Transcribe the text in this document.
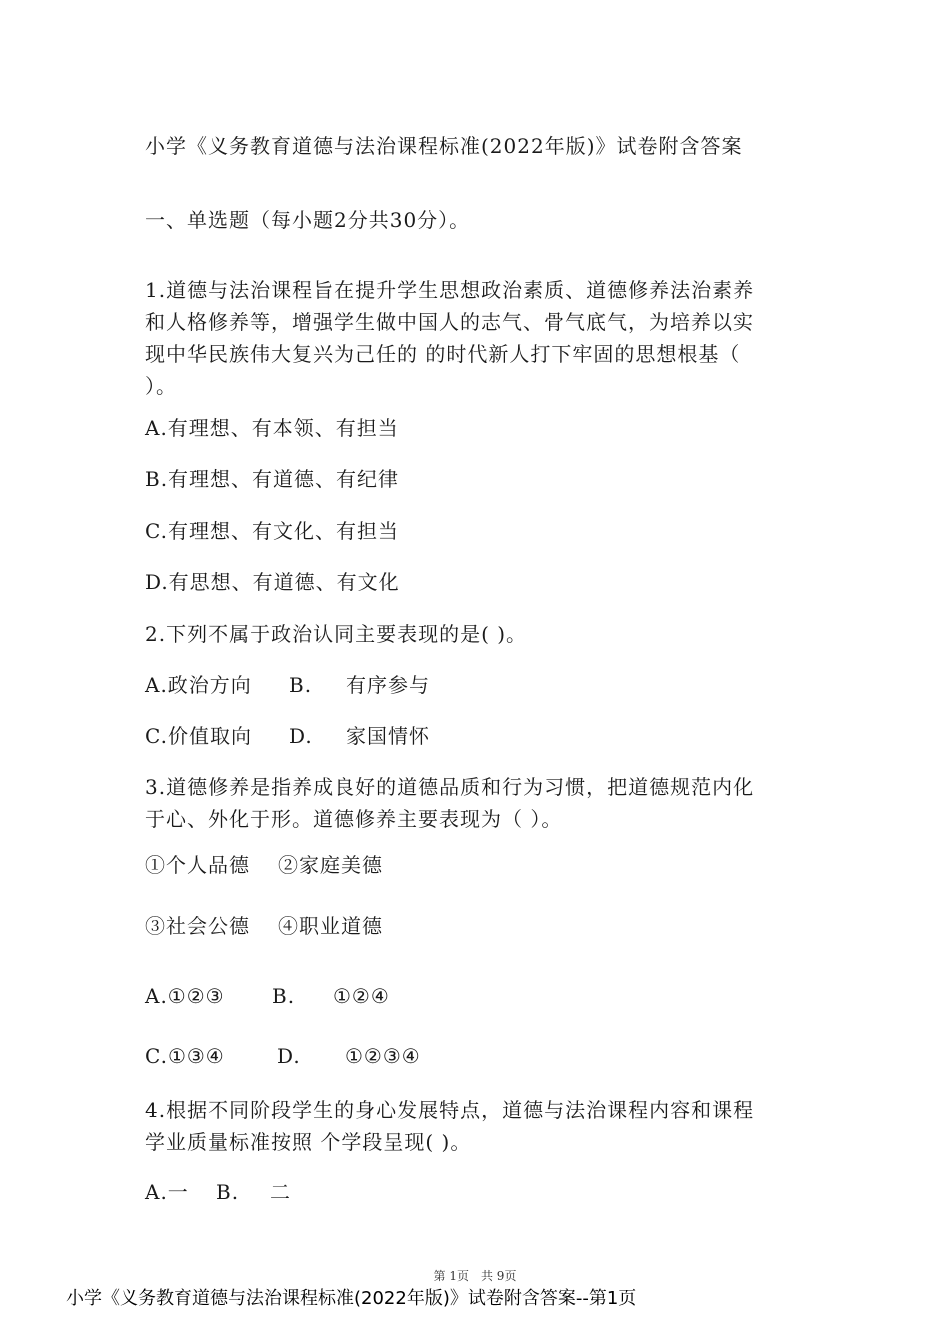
小学《义务教育道德与法治课程标准(2022年版)》试卷附含答案
一、单选题（每小题2分共30分）。
1.道德与法治课程旨在提升学生思想政治素质、道德修养法治素养
和人格修养等，增强学生做中国人的志气、骨气底气，为培养以实
现中华民族伟大复兴为己任的 的时代新人打下牢固的思想根基（
）。
A.有理想、有本领、有担当
B.有理想、有道德、有纪律
C.有理想、有文化、有担当
D.有思想、有道德、有文化
2.下列不属于政治认同主要表现的是( )。
A.政治方向 B. 有序参与
C.价值取向 D. 家国情怀
3.道德修养是指养成良好的道德品质和行为习惯，把道德规范内化
于心、外化于形。道德修养主要表现为（ ）。
①个人品德 ②家庭美德
③社会公德 ④职业道德
A.①②③ B. ①②④
C.①③④	D. ①②③④
4.根据不同阶段学生的身心发展特点，道德与法治课程内容和课程
学业质量标准按照 个学段呈现( )。
A.一 B. 二
第 1页　共 9页
小学《义务教育道德与法治课程标准(2022年版)》试卷附含答案--第1页
